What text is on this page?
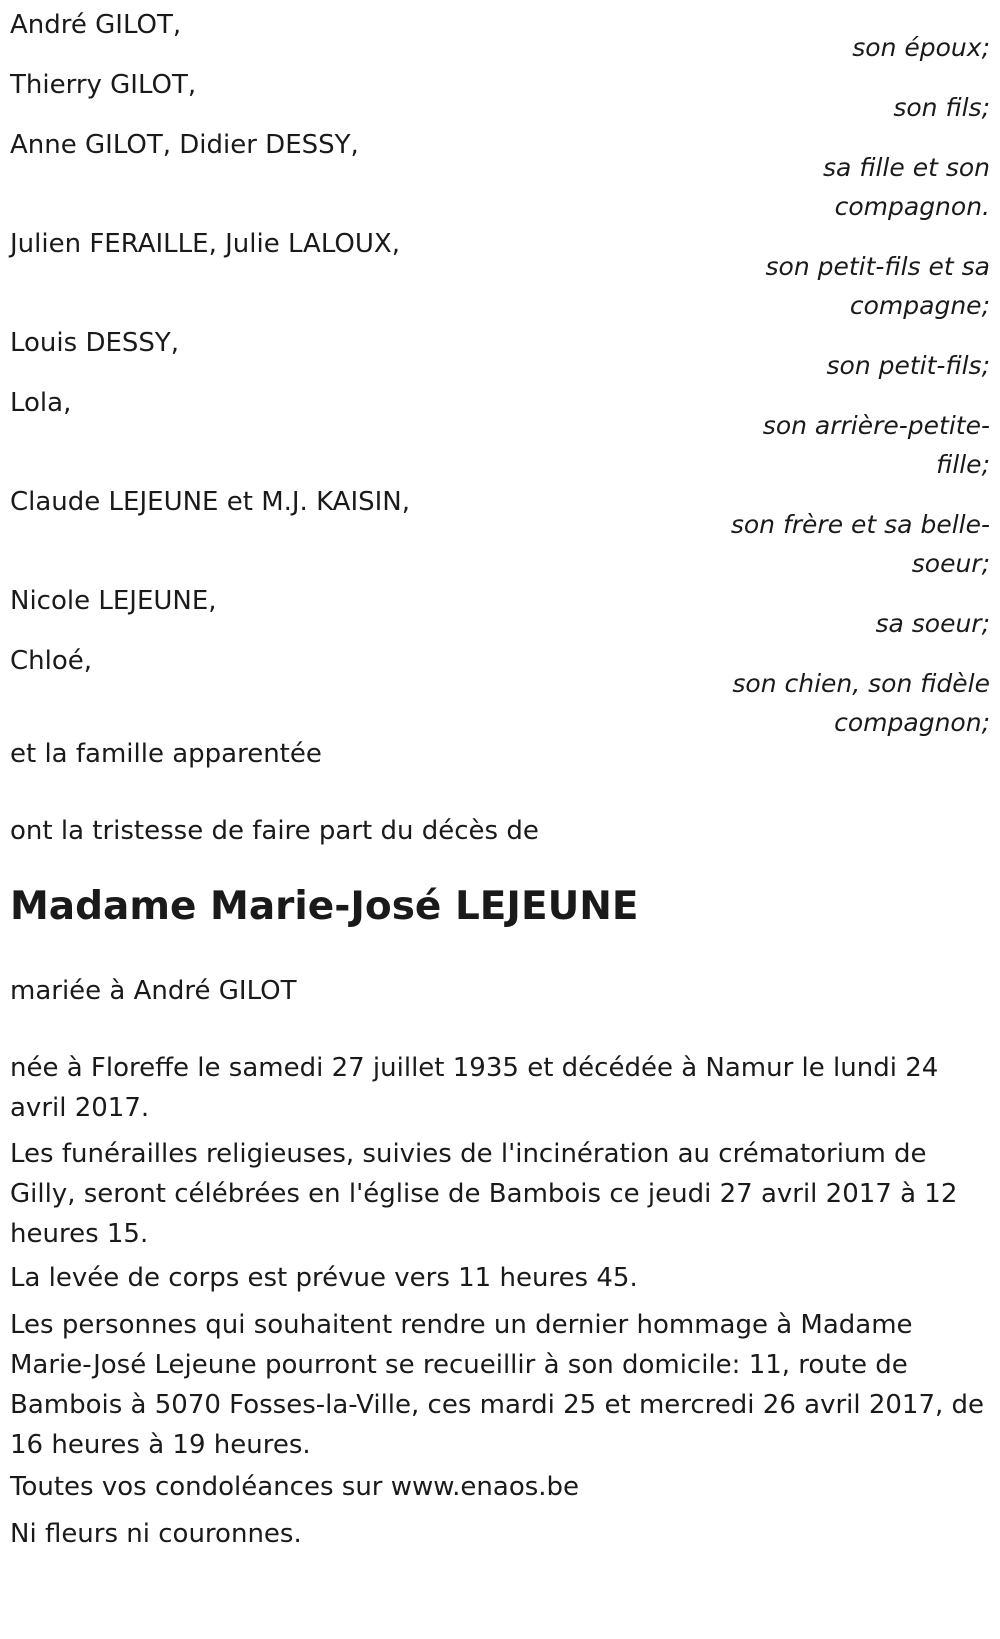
André GILOT,
son époux;
Thierry GILOT,
son fils;
Anne GILOT, Didier DESSY,
sa fille et son compagnon.
Julien FERAILLE, Julie LALOUX,
son petit-fils et sa compagne;
Louis DESSY,
son petit-fils;
Lola,
son arrière-petite-fille;
Claude LEJEUNE et M.J. KAISIN,
son frère et sa belle-soeur;
Nicole LEJEUNE,
sa soeur;
Chloé,
son chien, son fidèle compagnon;
et la famille apparentée
ont la tristesse de faire part du décès de
Madame Marie-José LEJEUNE
mariée à André GILOT
née à Floreffe le samedi 27 juillet 1935 et décédée à Namur le lundi 24 avril 2017.
Les funérailles religieuses, suivies de l'incinération au crématorium de Gilly, seront célébrées en l'église de Bambois ce jeudi 27 avril 2017 à 12 heures 15.
La levée de corps est prévue vers 11 heures 45.
Les personnes qui souhaitent rendre un dernier hommage à Madame Marie-José Lejeune pourront se recueillir à son domicile: 11, route de Bambois à 5070 Fosses-la-Ville, ces mardi 25 et mercredi 26 avril 2017, de 16 heures à 19 heures.
Toutes vos condoléances sur www.enaos.be
Ni fleurs ni couronnes.
